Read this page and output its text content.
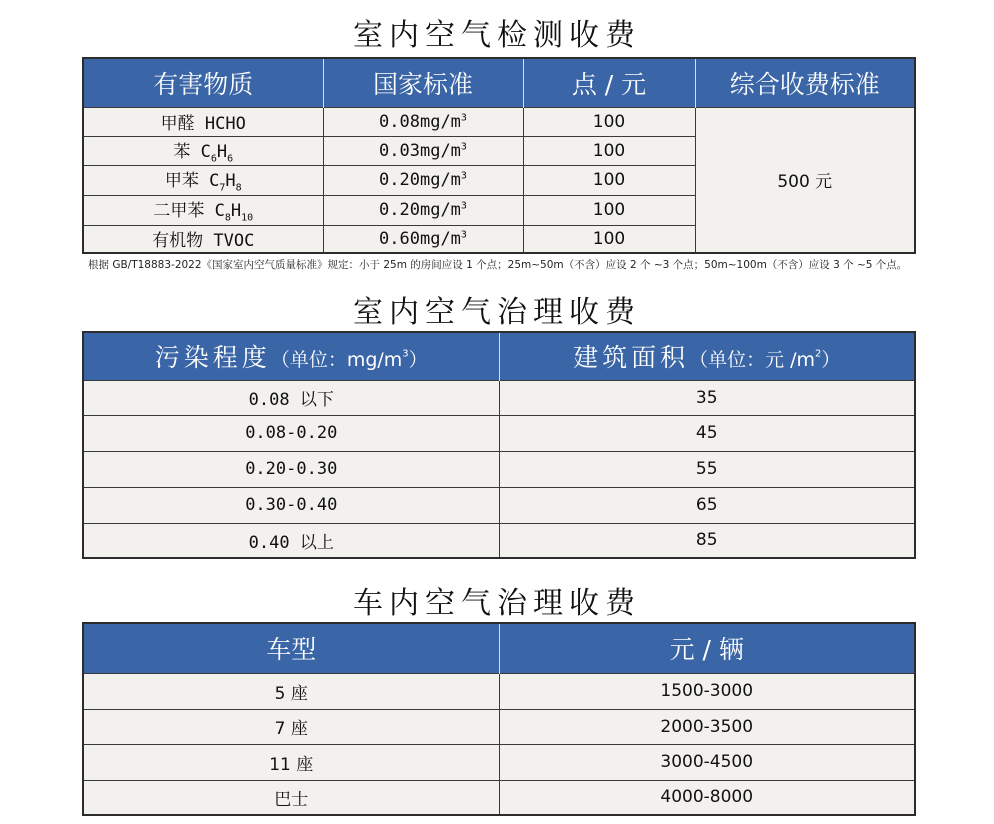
室内空气检测收费
有害物质	国家标准	点 / 元	综合收费标准
甲醛 HCHO	$0.08mg/m^3$	100	500 元
苯 $C_6H_6$	$0.03mg/m^3$	100	
甲苯 $C_7H_8$	$0.20mg/m^3$	100	
二甲苯 $C_8H_{10}$	$0.20mg/m^3$	100	
有机物 TVOC	$0.60mg/m^3$	100	
根据 GB/T18883-2022《国家室内空气质量标准》规定：小于 25m 的房间应设 1 个点；25m~50m（不含）应设 2 个 ~3 个点；50m~100m（不含）应设 3 个 ~5 个点。
室内空气治理收费
污染程度（单位：$mg/m^3$）	建筑面积（单位：元 $/m^2$）
0.08 以下	35
0.08-0.20	45
0.20-0.30	55
0.30-0.40	65
0.40 以上	85
车内空气治理收费
车型	元 / 辆
5 座	1500-3000
7 座	2000-3500
11 座	3000-4500
巴士	4000-8000
